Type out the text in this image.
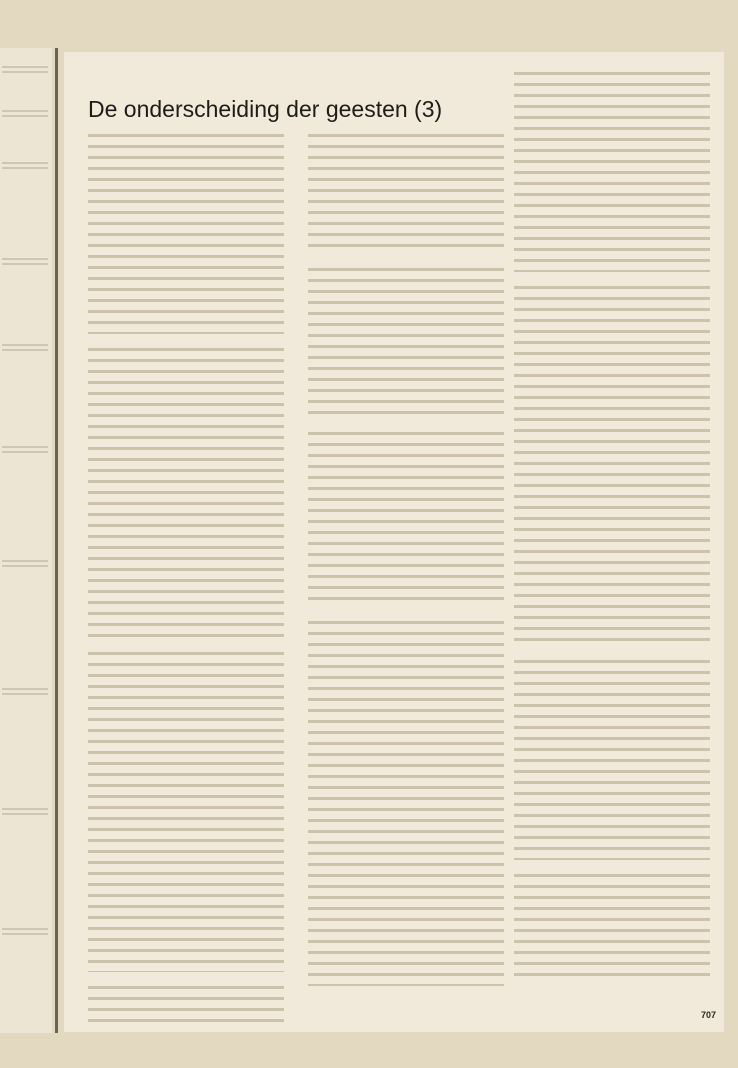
De onderscheiding der geesten (3)
707
